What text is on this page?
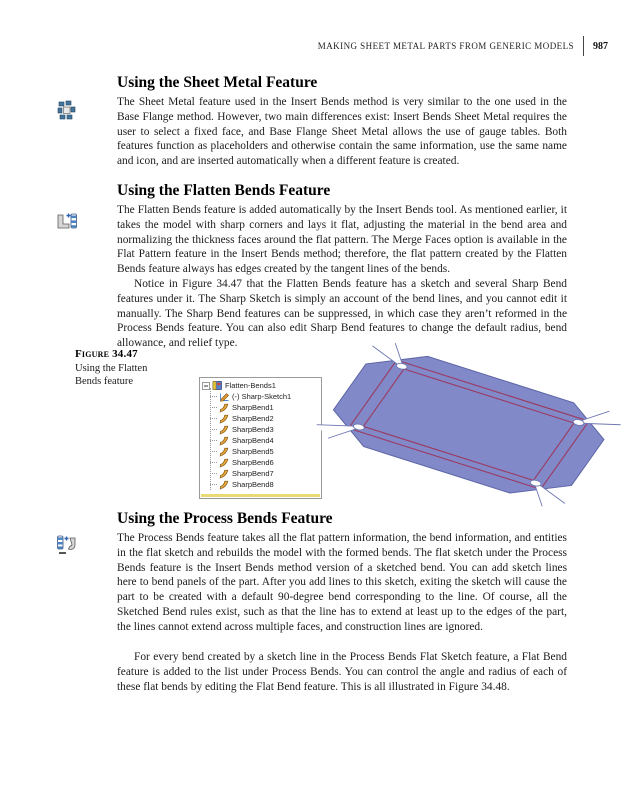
MAKING SHEET METAL PARTS FROM GENERIC MODELS 987
Using the Sheet Metal Feature
The Sheet Metal feature used in the Insert Bends method is very similar to the one used in the Base Flange method. However, two main differences exist: Insert Bends Sheet Metal requires the user to select a fixed face, and Base Flange Sheet Metal allows the use of gauge tables. Both features function as placeholders and otherwise contain the same information, use the same name and icon, and are inserted automatically when a different feature is created.
Using the Flatten Bends Feature
The Flatten Bends feature is added automatically by the Insert Bends tool. As mentioned earlier, it takes the model with sharp corners and lays it flat, adjusting the material in the bend area and normalizing the thickness faces around the flat pattern. The Merge Faces option is available in the Flat Pattern feature in the Insert Bends method; therefore, the flat pattern created by the Flatten Bends feature always has edges created by the tangent lines of the bends.
Notice in Figure 34.47 that the Flatten Bends feature has a sketch and several Sharp Bend features under it. The Sharp Sketch is simply an account of the bend lines, and you cannot edit it manually. The Sharp Bend features can be suppressed, in which case they aren’t reformed in the Process Bends feature. You can also edit Sharp Bend features to change the default radius, bend allowance, and relief type.
Figure 34.47
Using the Flatten
Bends feature	Flatten-Bends1
(-) Sharp-Sketch1
SharpBend1
SharpBend2
SharpBend3
SharpBend4
SharpBend5
SharpBend6
SharpBend7
SharpBend8
Using the Process Bends Feature
The Process Bends feature takes all the flat pattern information, the bend information, and entities in the flat sketch and rebuilds the model with the formed bends. The flat sketch under the Process Bends feature is the Insert Bends method version of a sketched bend. You can add sketch lines here to bend panels of the part. After you add lines to this sketch, exiting the sketch will cause the part to be created with a default 90-degree bend corresponding to the line. Of course, all the Sketched Bend rules exist, such as that the line has to extend at least up to the edges of the part, the lines cannot extend across multiple faces, and construction lines are ignored.
For every bend created by a sketch line in the Process Bends Flat Sketch feature, a Flat Bend feature is added to the list under Process Bends. You can control the angle and radius of each of these flat bends by editing the Flat Bend feature. This is all illustrated in Figure 34.48.
